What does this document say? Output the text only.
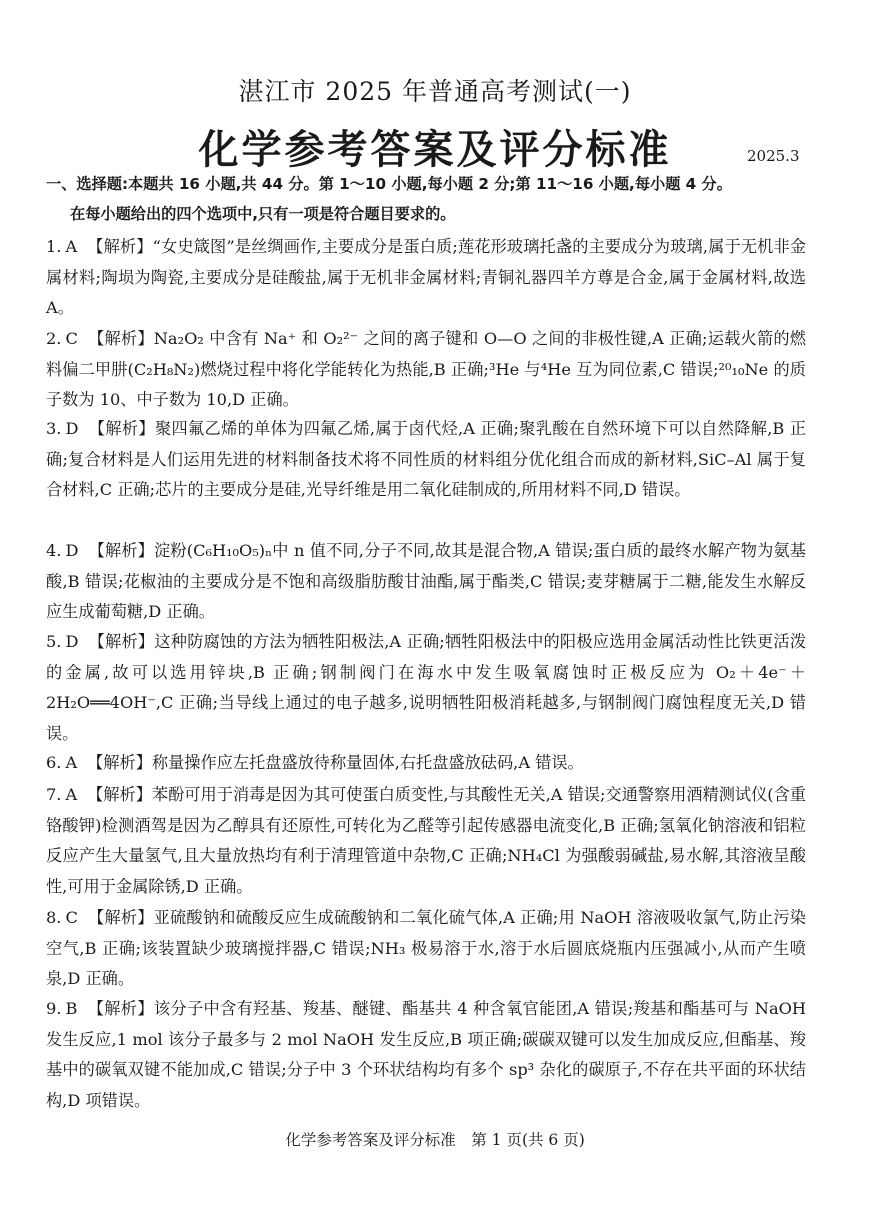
湛江市 2025 年普通高考测试(一)
化学参考答案及评分标准	2025.3
一、选择题:本题共 16 小题,共 44 分。第 1～10 小题,每小题 2 分;第 11～16 小题,每小题 4 分。
在每小题给出的四个选项中,只有一项是符合题目要求的。
1. A 【解析】“女史箴图”是丝绸画作,主要成分是蛋白质;莲花形玻璃托盏的主要成分为玻璃,属于无机非金属材料;陶埙为陶瓷,主要成分是硅酸盐,属于无机非金属材料;青铜礼器四羊方尊是合金,属于金属材料,故选 A。
2. C 【解析】Na₂O₂ 中含有 Na⁺ 和 O₂²⁻ 之间的离子键和 O—O 之间的非极性键,A 正确;运载火箭的燃料偏二甲肼(C₂H₈N₂)燃烧过程中将化学能转化为热能,B 正确;³He 与⁴He 互为同位素,C 错误;²⁰₁₀Ne 的质子数为 10、中子数为 10,D 正确。
3. D 【解析】聚四氟乙烯的单体为四氟乙烯,属于卤代烃,A 正确;聚乳酸在自然环境下可以自然降解,B 正确;复合材料是人们运用先进的材料制备技术将不同性质的材料组分优化组合而成的新材料,SiC–Al 属于复合材料,C 正确;芯片的主要成分是硅,光导纤维是用二氧化硅制成的,所用材料不同,D 错误。
4. D 【解析】淀粉(C₆H₁₀O₅)ₙ中 n 值不同,分子不同,故其是混合物,A 错误;蛋白质的最终水解产物为氨基酸,B 错误;花椒油的主要成分是不饱和高级脂肪酸甘油酯,属于酯类,C 错误;麦芽糖属于二糖,能发生水解反应生成葡萄糖,D 正确。
5. D 【解析】这种防腐蚀的方法为牺牲阳极法,A 正确;牺牲阳极法中的阳极应选用金属活动性比铁更活泼的金属,故可以选用锌块,B 正确;钢制阀门在海水中发生吸氧腐蚀时正极反应为 O₂＋4e⁻＋2H₂O══4OH⁻,C 正确;当导线上通过的电子越多,说明牺牲阳极消耗越多,与钢制阀门腐蚀程度无关,D 错误。
6. A 【解析】称量操作应左托盘盛放待称量固体,右托盘盛放砝码,A 错误。
7. A 【解析】苯酚可用于消毒是因为其可使蛋白质变性,与其酸性无关,A 错误;交通警察用酒精测试仪(含重铬酸钾)检测酒驾是因为乙醇具有还原性,可转化为乙醛等引起传感器电流变化,B 正确;氢氧化钠溶液和铝粒反应产生大量氢气,且大量放热均有利于清理管道中杂物,C 正确;NH₄Cl 为强酸弱碱盐,易水解,其溶液呈酸性,可用于金属除锈,D 正确。
8. C 【解析】亚硫酸钠和硫酸反应生成硫酸钠和二氧化硫气体,A 正确;用 NaOH 溶液吸收氯气,防止污染空气,B 正确;该装置缺少玻璃搅拌器,C 错误;NH₃ 极易溶于水,溶于水后圆底烧瓶内压强减小,从而产生喷泉,D 正确。
9. B 【解析】该分子中含有羟基、羧基、醚键、酯基共 4 种含氧官能团,A 错误;羧基和酯基可与 NaOH 发生反应,1 mol 该分子最多与 2 mol NaOH 发生反应,B 项正确;碳碳双键可以发生加成反应,但酯基、羧基中的碳氧双键不能加成,C 错误;分子中 3 个环状结构均有多个 sp³ 杂化的碳原子,不存在共平面的环状结构,D 项错误。
化学参考答案及评分标准　第 1 页(共 6 页)
